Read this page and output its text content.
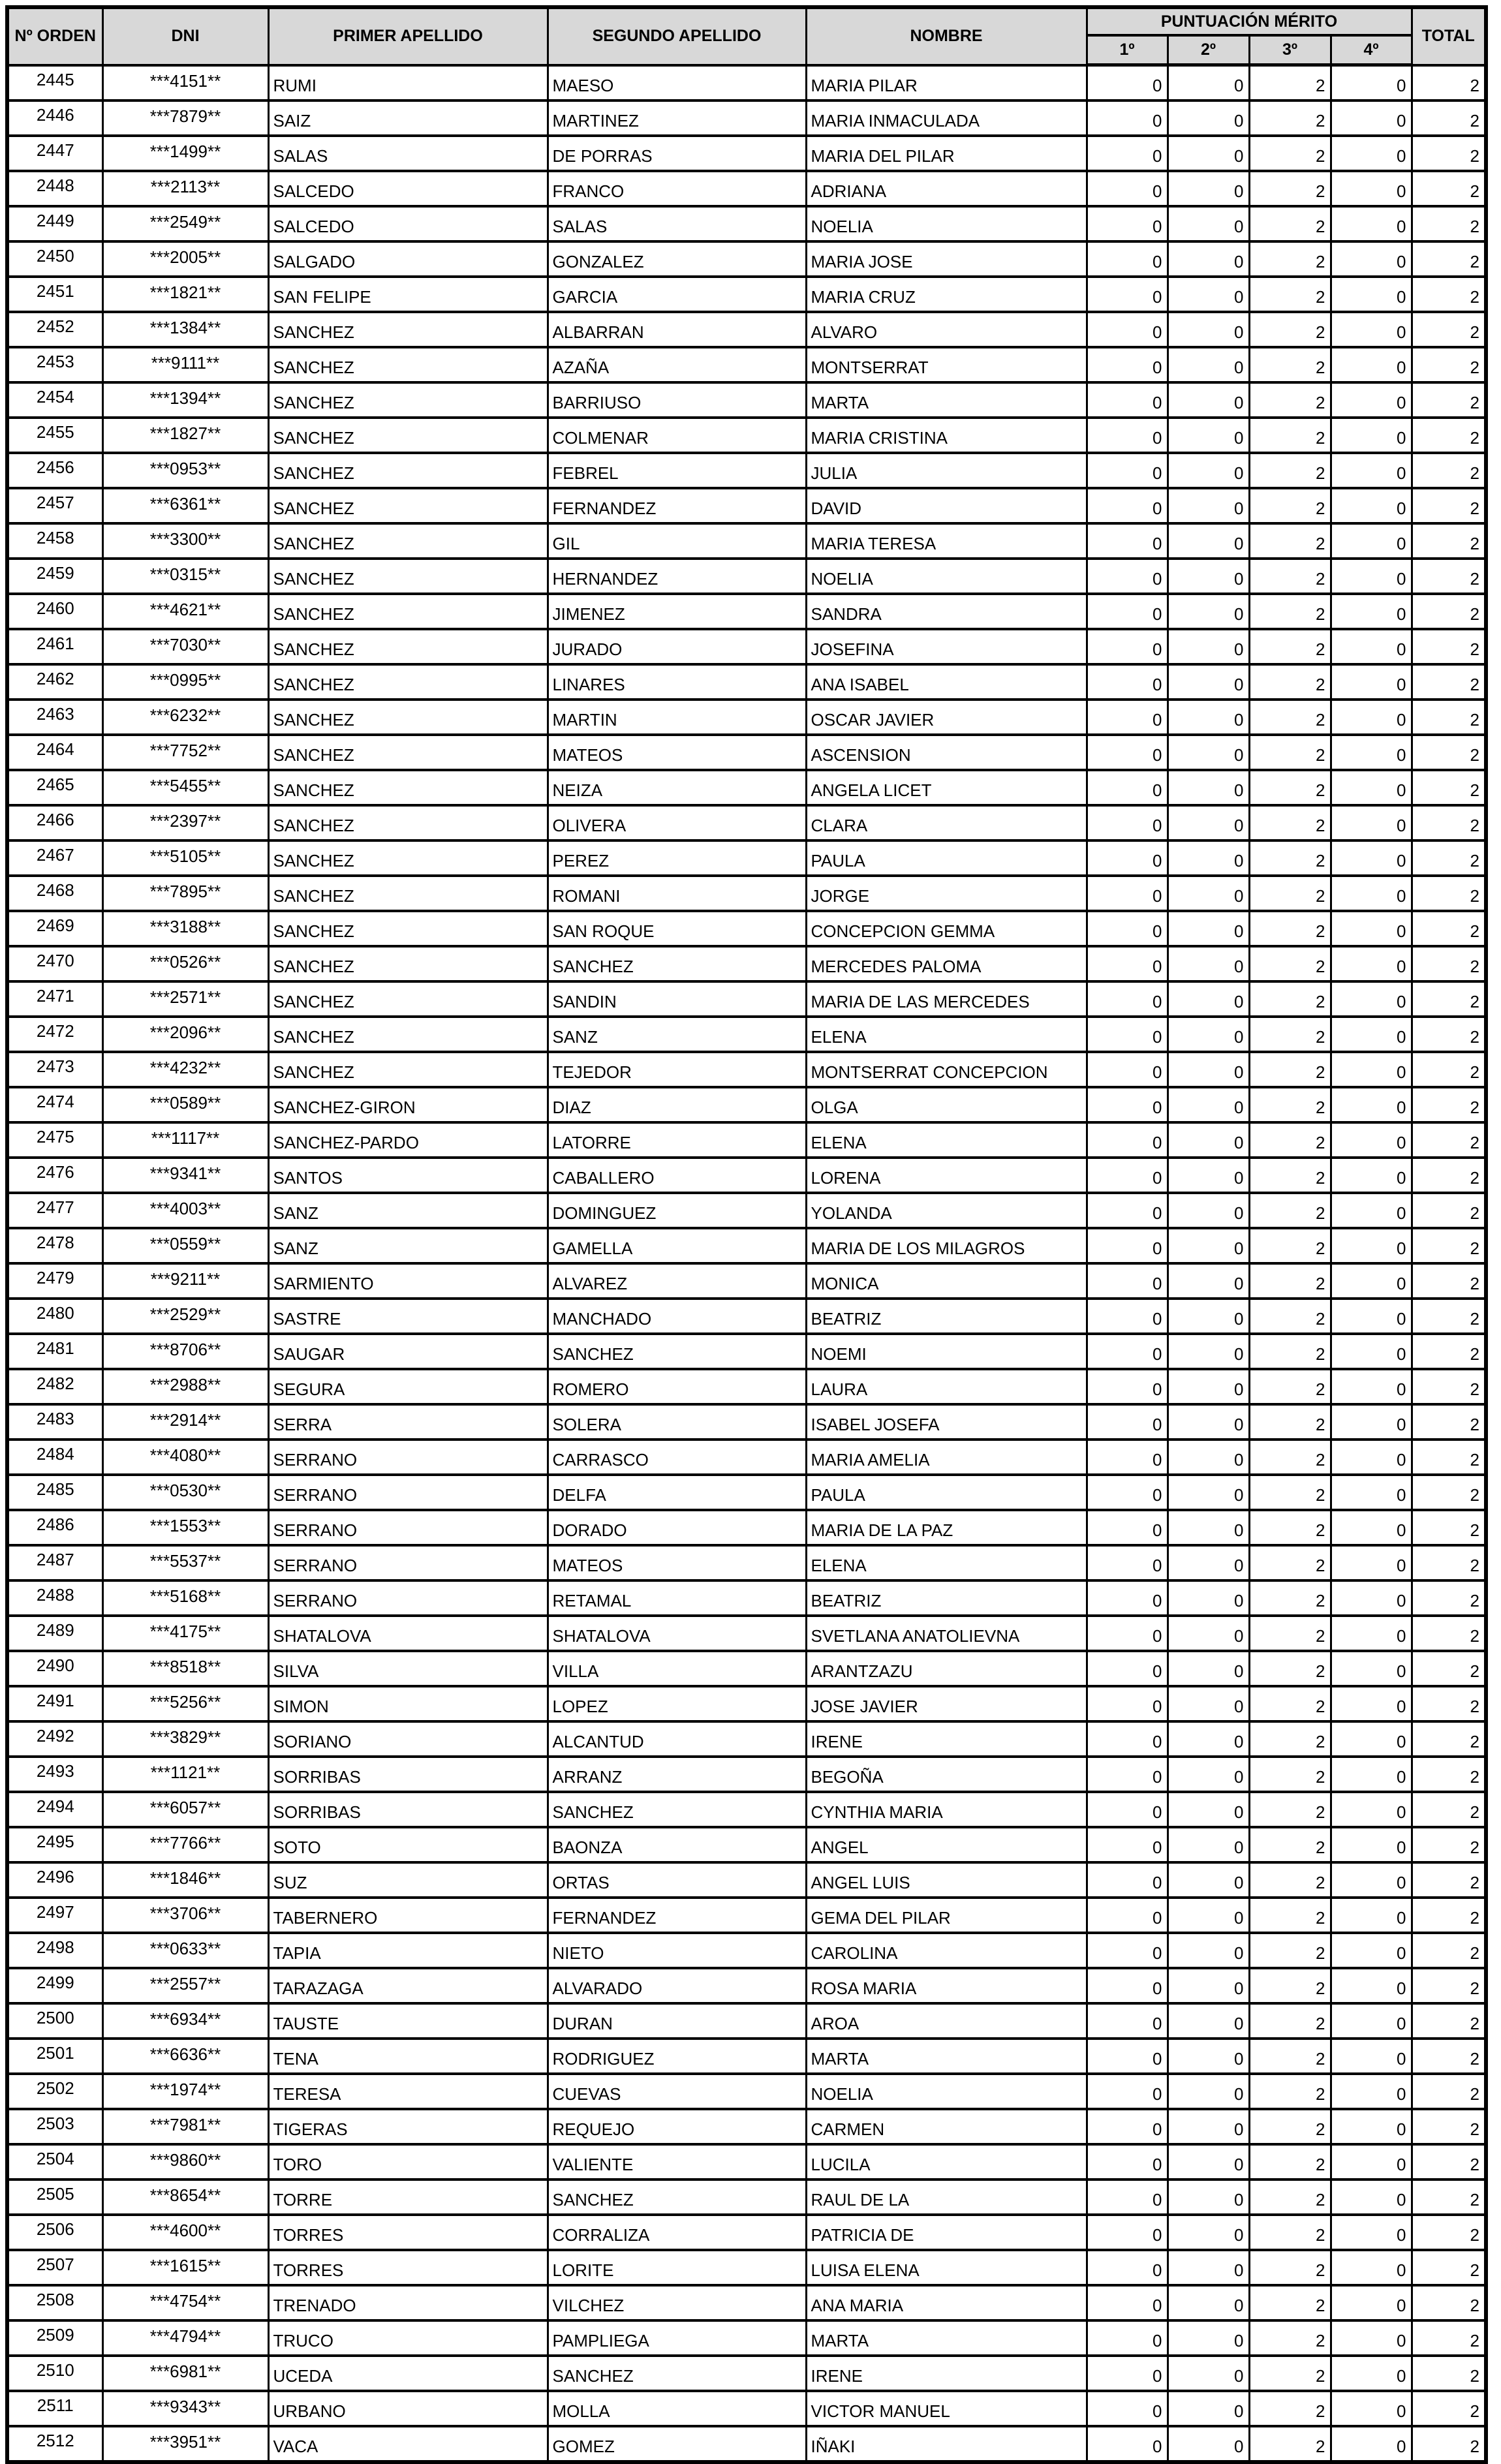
Nº ORDEN	DNI	PRIMER APELLIDO	SEGUNDO APELLIDO	NOMBRE	PUNTUACIÓN MÉRITO				TOTAL
					1º	2º	3º	4º	
2445	***4151**	RUMI	MAESO	MARIA PILAR	0	0	2	0	2
2446	***7879**	SAIZ	MARTINEZ	MARIA INMACULADA	0	0	2	0	2
2447	***1499**	SALAS	DE PORRAS	MARIA DEL PILAR	0	0	2	0	2
2448	***2113**	SALCEDO	FRANCO	ADRIANA	0	0	2	0	2
2449	***2549**	SALCEDO	SALAS	NOELIA	0	0	2	0	2
2450	***2005**	SALGADO	GONZALEZ	MARIA JOSE	0	0	2	0	2
2451	***1821**	SAN FELIPE	GARCIA	MARIA CRUZ	0	0	2	0	2
2452	***1384**	SANCHEZ	ALBARRAN	ALVARO	0	0	2	0	2
2453	***9111**	SANCHEZ	AZAÑA	MONTSERRAT	0	0	2	0	2
2454	***1394**	SANCHEZ	BARRIUSO	MARTA	0	0	2	0	2
2455	***1827**	SANCHEZ	COLMENAR	MARIA CRISTINA	0	0	2	0	2
2456	***0953**	SANCHEZ	FEBREL	JULIA	0	0	2	0	2
2457	***6361**	SANCHEZ	FERNANDEZ	DAVID	0	0	2	0	2
2458	***3300**	SANCHEZ	GIL	MARIA TERESA	0	0	2	0	2
2459	***0315**	SANCHEZ	HERNANDEZ	NOELIA	0	0	2	0	2
2460	***4621**	SANCHEZ	JIMENEZ	SANDRA	0	0	2	0	2
2461	***7030**	SANCHEZ	JURADO	JOSEFINA	0	0	2	0	2
2462	***0995**	SANCHEZ	LINARES	ANA ISABEL	0	0	2	0	2
2463	***6232**	SANCHEZ	MARTIN	OSCAR JAVIER	0	0	2	0	2
2464	***7752**	SANCHEZ	MATEOS	ASCENSION	0	0	2	0	2
2465	***5455**	SANCHEZ	NEIZA	ANGELA LICET	0	0	2	0	2
2466	***2397**	SANCHEZ	OLIVERA	CLARA	0	0	2	0	2
2467	***5105**	SANCHEZ	PEREZ	PAULA	0	0	2	0	2
2468	***7895**	SANCHEZ	ROMANI	JORGE	0	0	2	0	2
2469	***3188**	SANCHEZ	SAN ROQUE	CONCEPCION GEMMA	0	0	2	0	2
2470	***0526**	SANCHEZ	SANCHEZ	MERCEDES PALOMA	0	0	2	0	2
2471	***2571**	SANCHEZ	SANDIN	MARIA DE LAS MERCEDES	0	0	2	0	2
2472	***2096**	SANCHEZ	SANZ	ELENA	0	0	2	0	2
2473	***4232**	SANCHEZ	TEJEDOR	MONTSERRAT CONCEPCION	0	0	2	0	2
2474	***0589**	SANCHEZ-GIRON	DIAZ	OLGA	0	0	2	0	2
2475	***1117**	SANCHEZ-PARDO	LATORRE	ELENA	0	0	2	0	2
2476	***9341**	SANTOS	CABALLERO	LORENA	0	0	2	0	2
2477	***4003**	SANZ	DOMINGUEZ	YOLANDA	0	0	2	0	2
2478	***0559**	SANZ	GAMELLA	MARIA DE LOS MILAGROS	0	0	2	0	2
2479	***9211**	SARMIENTO	ALVAREZ	MONICA	0	0	2	0	2
2480	***2529**	SASTRE	MANCHADO	BEATRIZ	0	0	2	0	2
2481	***8706**	SAUGAR	SANCHEZ	NOEMI	0	0	2	0	2
2482	***2988**	SEGURA	ROMERO	LAURA	0	0	2	0	2
2483	***2914**	SERRA	SOLERA	ISABEL JOSEFA	0	0	2	0	2
2484	***4080**	SERRANO	CARRASCO	MARIA AMELIA	0	0	2	0	2
2485	***0530**	SERRANO	DELFA	PAULA	0	0	2	0	2
2486	***1553**	SERRANO	DORADO	MARIA DE LA PAZ	0	0	2	0	2
2487	***5537**	SERRANO	MATEOS	ELENA	0	0	2	0	2
2488	***5168**	SERRANO	RETAMAL	BEATRIZ	0	0	2	0	2
2489	***4175**	SHATALOVA	SHATALOVA	SVETLANA ANATOLIEVNA	0	0	2	0	2
2490	***8518**	SILVA	VILLA	ARANTZAZU	0	0	2	0	2
2491	***5256**	SIMON	LOPEZ	JOSE JAVIER	0	0	2	0	2
2492	***3829**	SORIANO	ALCANTUD	IRENE	0	0	2	0	2
2493	***1121**	SORRIBAS	ARRANZ	BEGOÑA	0	0	2	0	2
2494	***6057**	SORRIBAS	SANCHEZ	CYNTHIA MARIA	0	0	2	0	2
2495	***7766**	SOTO	BAONZA	ANGEL	0	0	2	0	2
2496	***1846**	SUZ	ORTAS	ANGEL LUIS	0	0	2	0	2
2497	***3706**	TABERNERO	FERNANDEZ	GEMA DEL PILAR	0	0	2	0	2
2498	***0633**	TAPIA	NIETO	CAROLINA	0	0	2	0	2
2499	***2557**	TARAZAGA	ALVARADO	ROSA MARIA	0	0	2	0	2
2500	***6934**	TAUSTE	DURAN	AROA	0	0	2	0	2
2501	***6636**	TENA	RODRIGUEZ	MARTA	0	0	2	0	2
2502	***1974**	TERESA	CUEVAS	NOELIA	0	0	2	0	2
2503	***7981**	TIGERAS	REQUEJO	CARMEN	0	0	2	0	2
2504	***9860**	TORO	VALIENTE	LUCILA	0	0	2	0	2
2505	***8654**	TORRE	SANCHEZ	RAUL DE LA	0	0	2	0	2
2506	***4600**	TORRES	CORRALIZA	PATRICIA DE	0	0	2	0	2
2507	***1615**	TORRES	LORITE	LUISA ELENA	0	0	2	0	2
2508	***4754**	TRENADO	VILCHEZ	ANA MARIA	0	0	2	0	2
2509	***4794**	TRUCO	PAMPLIEGA	MARTA	0	0	2	0	2
2510	***6981**	UCEDA	SANCHEZ	IRENE	0	0	2	0	2
2511	***9343**	URBANO	MOLLA	VICTOR MANUEL	0	0	2	0	2
2512	***3951**	VACA	GOMEZ	IÑAKI	0	0	2	0	2
